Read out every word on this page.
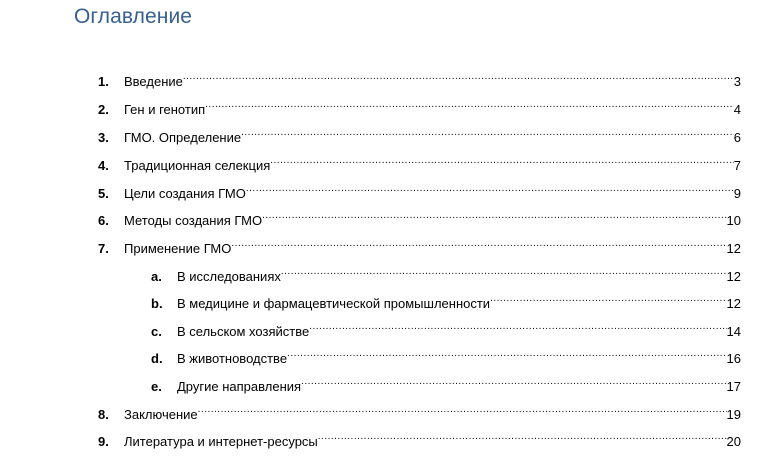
Оглавление
1.	Введение .....	3
2.	Ген и генотип .....	4
3.	ГМО. Определение .....	6
4.	Традиционная селекция .....	7
5.	Цели создания ГМО .....	9
6.	Методы создания ГМО .....	10
7.	Применение ГМО .....	12
a.	В исследованиях .....	12
b.	В медицине и фармацевтической промышленности .....	12
c.	В сельском хозяйстве .....	14
d.	В животноводстве .....	16
e.	Другие направления .....	17
8.	Заключение .....	19
9.	Литература и интернет-ресурсы .....	20
